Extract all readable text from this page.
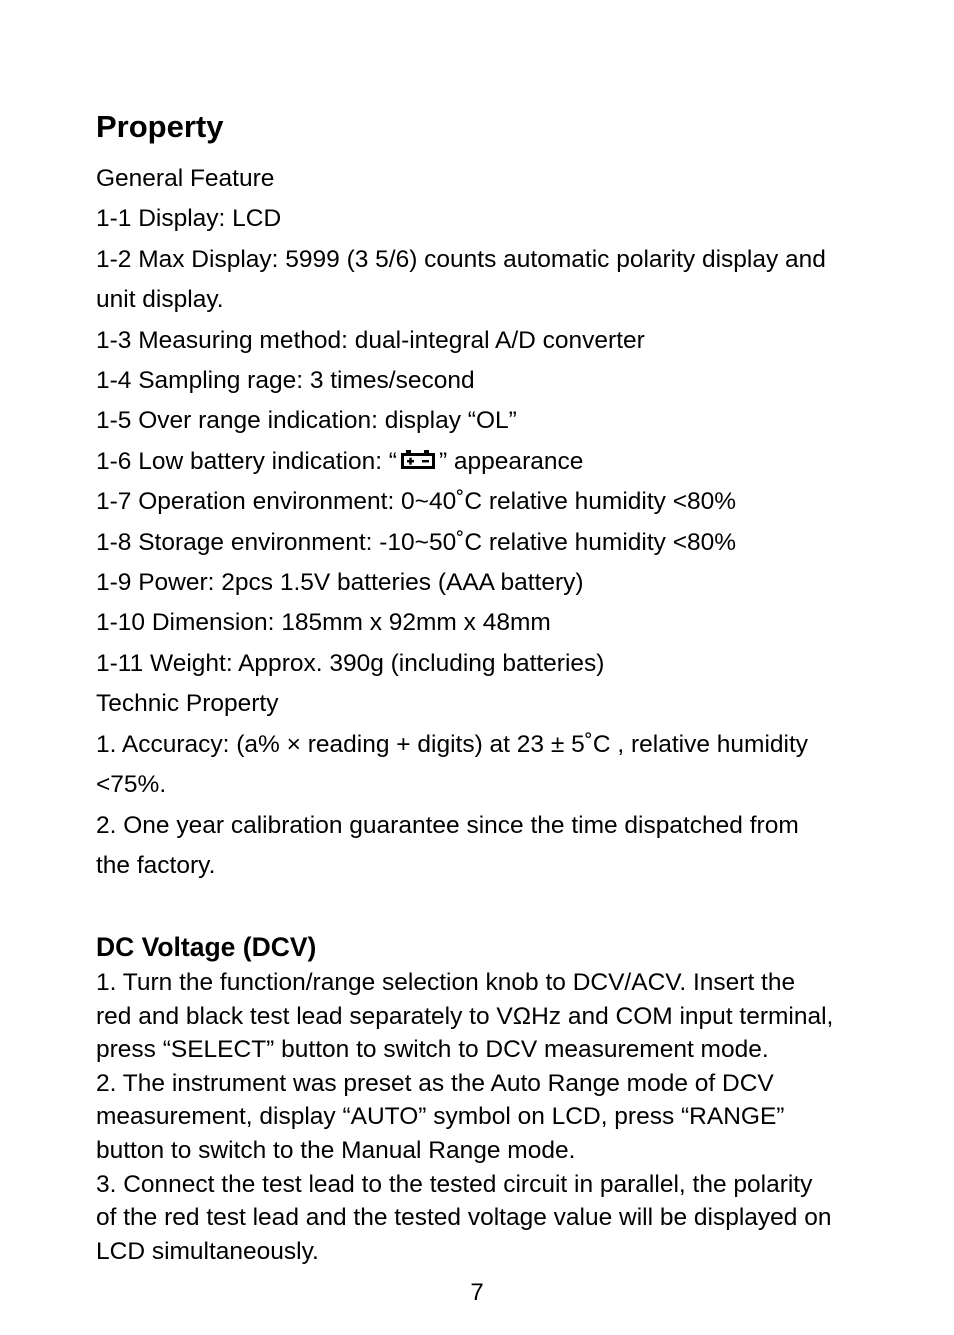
Property
General Feature
1-1 Display: LCD
1-2 Max Display: 5999 (3 5/6) counts automatic polarity display and
unit display.
1-3 Measuring method: dual-integral A/D converter
1-4 Sampling rage: 3 times/second
1-5 Over range indication: display “OL”
1-6 Low battery indication: “ ” appearance
1-7 Operation environment: 0~40˚C relative humidity <80%
1-8 Storage environment: -10~50˚C relative humidity <80%
1-9 Power: 2pcs 1.5V batteries (AAA battery)
1-10 Dimension: 185mm x 92mm x 48mm
1-11 Weight: Approx. 390g (including batteries)
Technic Property
1. Accuracy: (a% × reading + digits) at 23 ± 5˚C , relative humidity
<75%.
2. One year calibration guarantee since the time dispatched from
the factory.
DC Voltage (DCV)
1. Turn the function/range selection knob to DCV/ACV. Insert the
red and black test lead separately to VΩHz and COM input terminal,
press “SELECT” button to switch to DCV measurement mode.
2. The instrument was preset as the Auto Range mode of DCV
measurement, display “AUTO” symbol on LCD, press “RANGE”
button to switch to the Manual Range mode.
3. Connect the test lead to the tested circuit in parallel, the polarity
of the red test lead and the tested voltage value will be displayed on
LCD simultaneously.
7
